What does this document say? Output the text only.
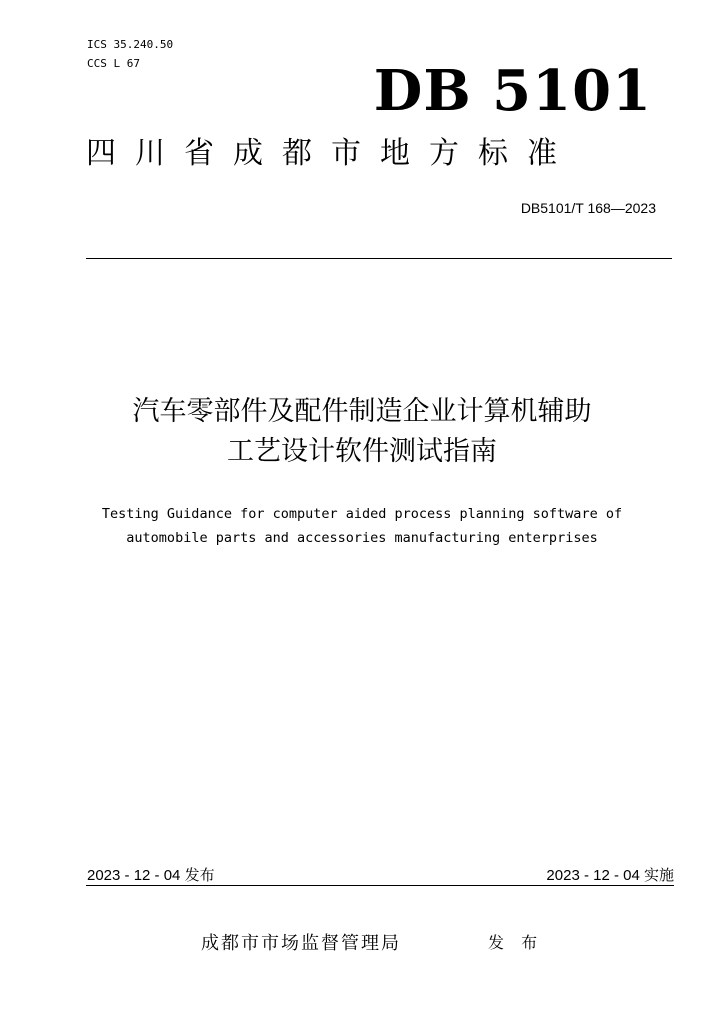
ICS 35.240.50
CCS L 67	DB 5101
四川省成都市地方标准
DB5101/T 168—2023
汽车零部件及配件制造企业计算机辅助
工艺设计软件测试指南
Testing Guidance for computer aided process planning software of
automobile parts and accessories manufacturing enterprises
2023 - 12 - 04 发布	2023 - 12 - 04 实施
成都市市场监督管理局	发 布
